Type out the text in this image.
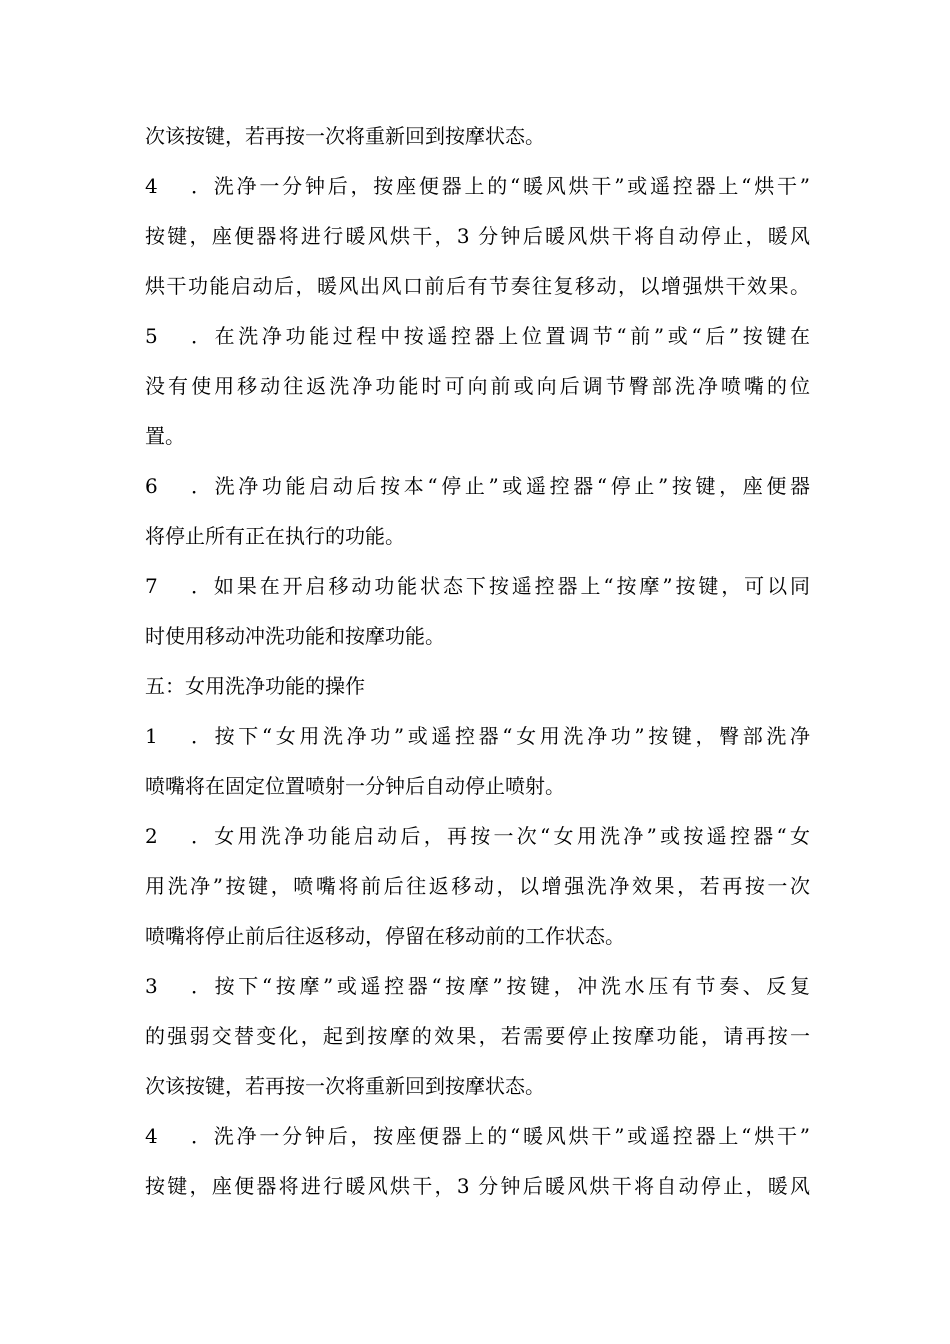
次该按键，若再按一次将重新回到按摩状态。
4．洗净一分钟后，按座便器上的“暖风烘干”或遥控器上“烘干”
按键，座便器将进行暖风烘干，3 分钟后暖风烘干将自动停止，暖风
烘干功能启动后，暖风出风口前后有节奏往复移动，以增强烘干效果。
5．在洗净功能过程中按遥控器上位置调节“前”或“后”按键在
没有使用移动往返洗净功能时可向前或向后调节臀部洗净喷嘴的位
置。
6．洗净功能启动后按本“停止”或遥控器“停止”按键，座便器
将停止所有正在执行的功能。
7．如果在开启移动功能状态下按遥控器上“按摩”按键，可以同
时使用移动冲洗功能和按摩功能。
五：女用洗净功能的操作
1．按下“女用洗净功”或遥控器“女用洗净功”按键，臀部洗净
喷嘴将在固定位置喷射一分钟后自动停止喷射。
2．女用洗净功能启动后，再按一次“女用洗净”或按遥控器“女
用洗净”按键，喷嘴将前后往返移动，以增强洗净效果，若再按一次
喷嘴将停止前后往返移动，停留在移动前的工作状态。
3．按下“按摩”或遥控器“按摩”按键，冲洗水压有节奏、反复
的强弱交替变化，起到按摩的效果，若需要停止按摩功能，请再按一
次该按键，若再按一次将重新回到按摩状态。
4．洗净一分钟后，按座便器上的“暖风烘干”或遥控器上“烘干”
按键，座便器将进行暖风烘干，3 分钟后暖风烘干将自动停止，暖风
